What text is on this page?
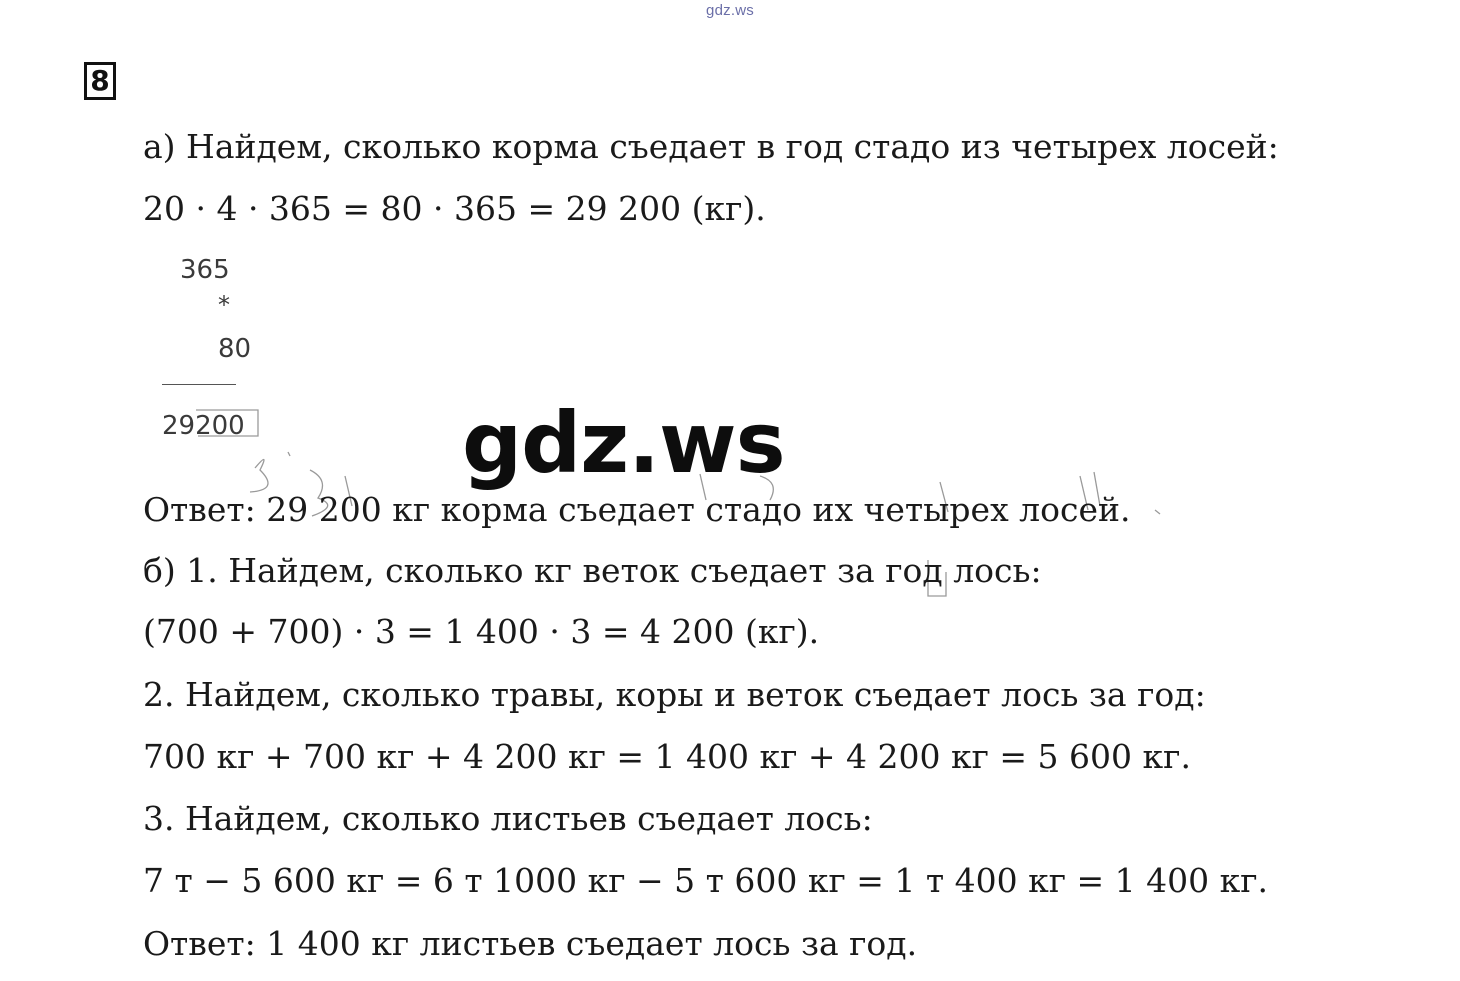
gdz.ws
8
а) Найдем, сколько корма съедает в год стадо из четырех лосей:
20 · 4 · 365 = 80 · 365 = 29 200 (кг).
365
*
80
29200	gdz.ws
Ответ: 29 200 кг корма съедает стадо их четырех лосей.
б) 1. Найдем, сколько кг веток съедает за год лось:
(700 + 700) · 3 = 1 400 · 3 = 4 200 (кг).
2. Найдем, сколько травы, коры и веток съедает лось за год:
700 кг + 700 кг + 4 200 кг = 1 400 кг + 4 200 кг = 5 600 кг.
3. Найдем, сколько листьев съедает лось:
7 т − 5 600 кг = 6 т 1000 кг − 5 т 600 кг = 1 т 400 кг = 1 400 кг.
Ответ: 1 400 кг листьев съедает лось за год.
